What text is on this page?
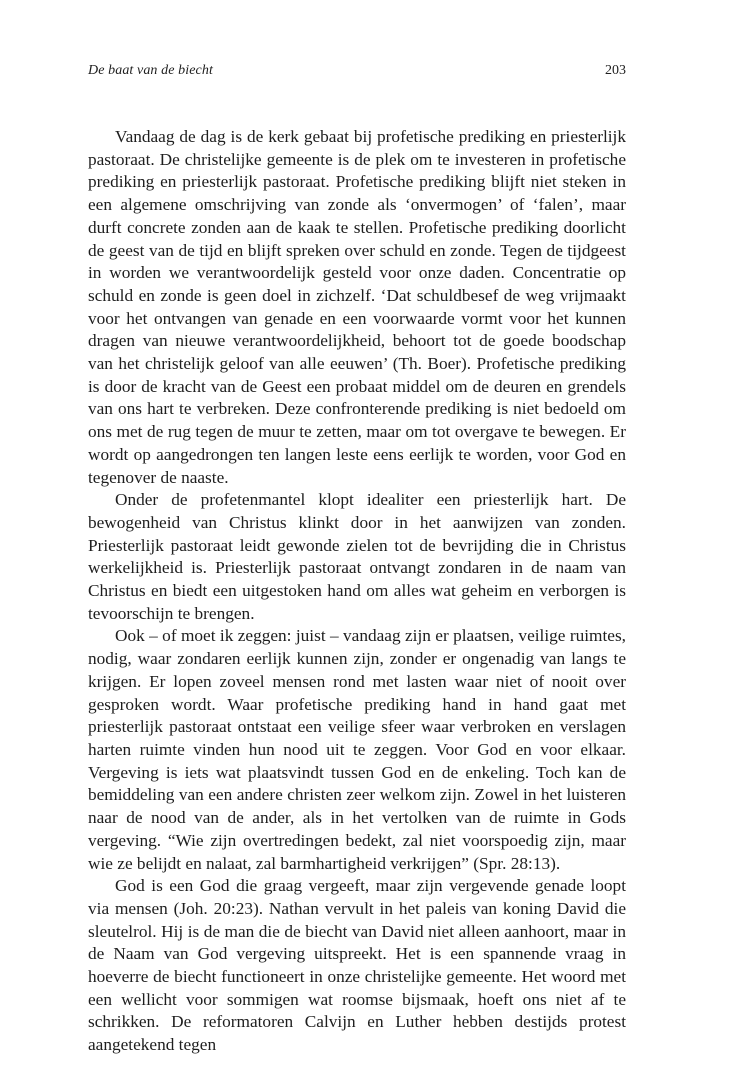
De baat van de biecht	203

Vandaag de dag is de kerk gebaat bij profetische prediking en priesterlijk pastoraat. De christelijke gemeente is de plek om te investeren in profetische prediking en priesterlijk pastoraat. Profetische prediking blijft niet steken in een algemene omschrijving van zonde als ‘onvermogen’ of ‘falen’, maar durft concrete zonden aan de kaak te stellen. Profetische prediking doorlicht de geest van de tijd en blijft spreken over schuld en zonde. Tegen de tijdgeest in worden we verantwoordelijk gesteld voor onze daden. Concentratie op schuld en zonde is geen doel in zichzelf. ‘Dat schuldbesef de weg vrijmaakt voor het ontvangen van genade en een voorwaarde vormt voor het kunnen dragen van nieuwe verantwoordelijkheid, behoort tot de goede boodschap van het christelijk geloof van alle eeuwen’ (Th. Boer). Profetische prediking is door de kracht van de Geest een probaat middel om de deuren en grendels van ons hart te verbreken. Deze confronterende prediking is niet bedoeld om ons met de rug tegen de muur te zetten, maar om tot overgave te bewegen. Er wordt op aangedrongen ten langen leste eens eerlijk te worden, voor God en tegenover de naaste.

Onder de profetenmantel klopt idealiter een priesterlijk hart. De bewogenheid van Christus klinkt door in het aanwijzen van zonden. Priesterlijk pastoraat leidt gewonde zielen tot de bevrijding die in Christus werkelijkheid is. Priesterlijk pastoraat ontvangt zondaren in de naam van Christus en biedt een uitgestoken hand om alles wat geheim en verborgen is tevoorschijn te brengen.

Ook – of moet ik zeggen: juist – vandaag zijn er plaatsen, veilige ruimtes, nodig, waar zondaren eerlijk kunnen zijn, zonder er ongenadig van langs te krijgen. Er lopen zoveel mensen rond met lasten waar niet of nooit over gesproken wordt. Waar profetische prediking hand in hand gaat met priesterlijk pastoraat ontstaat een veilige sfeer waar verbroken en verslagen harten ruimte vinden hun nood uit te zeggen. Voor God en voor elkaar. Vergeving is iets wat plaatsvindt tussen God en de enkeling. Toch kan de bemiddeling van een andere christen zeer welkom zijn. Zowel in het luisteren naar de nood van de ander, als in het vertolken van de ruimte in Gods vergeving. “Wie zijn overtredingen bedekt, zal niet voorspoedig zijn, maar wie ze belijdt en nalaat, zal barmhartigheid verkrijgen” (Spr. 28:13).

God is een God die graag vergeeft, maar zijn vergevende genade loopt via mensen (Joh. 20:23). Nathan vervult in het paleis van koning David die sleutelrol. Hij is de man die de biecht van David niet alleen aanhoort, maar in de Naam van God vergeving uitspreekt. Het is een spannende vraag in hoeverre de biecht functioneert in onze christelijke gemeente. Het woord met een wellicht voor sommigen wat roomse bijsmaak, hoeft ons niet af te schrikken. De reformatoren Calvijn en Luther hebben destijds protest aangetekend tegen
